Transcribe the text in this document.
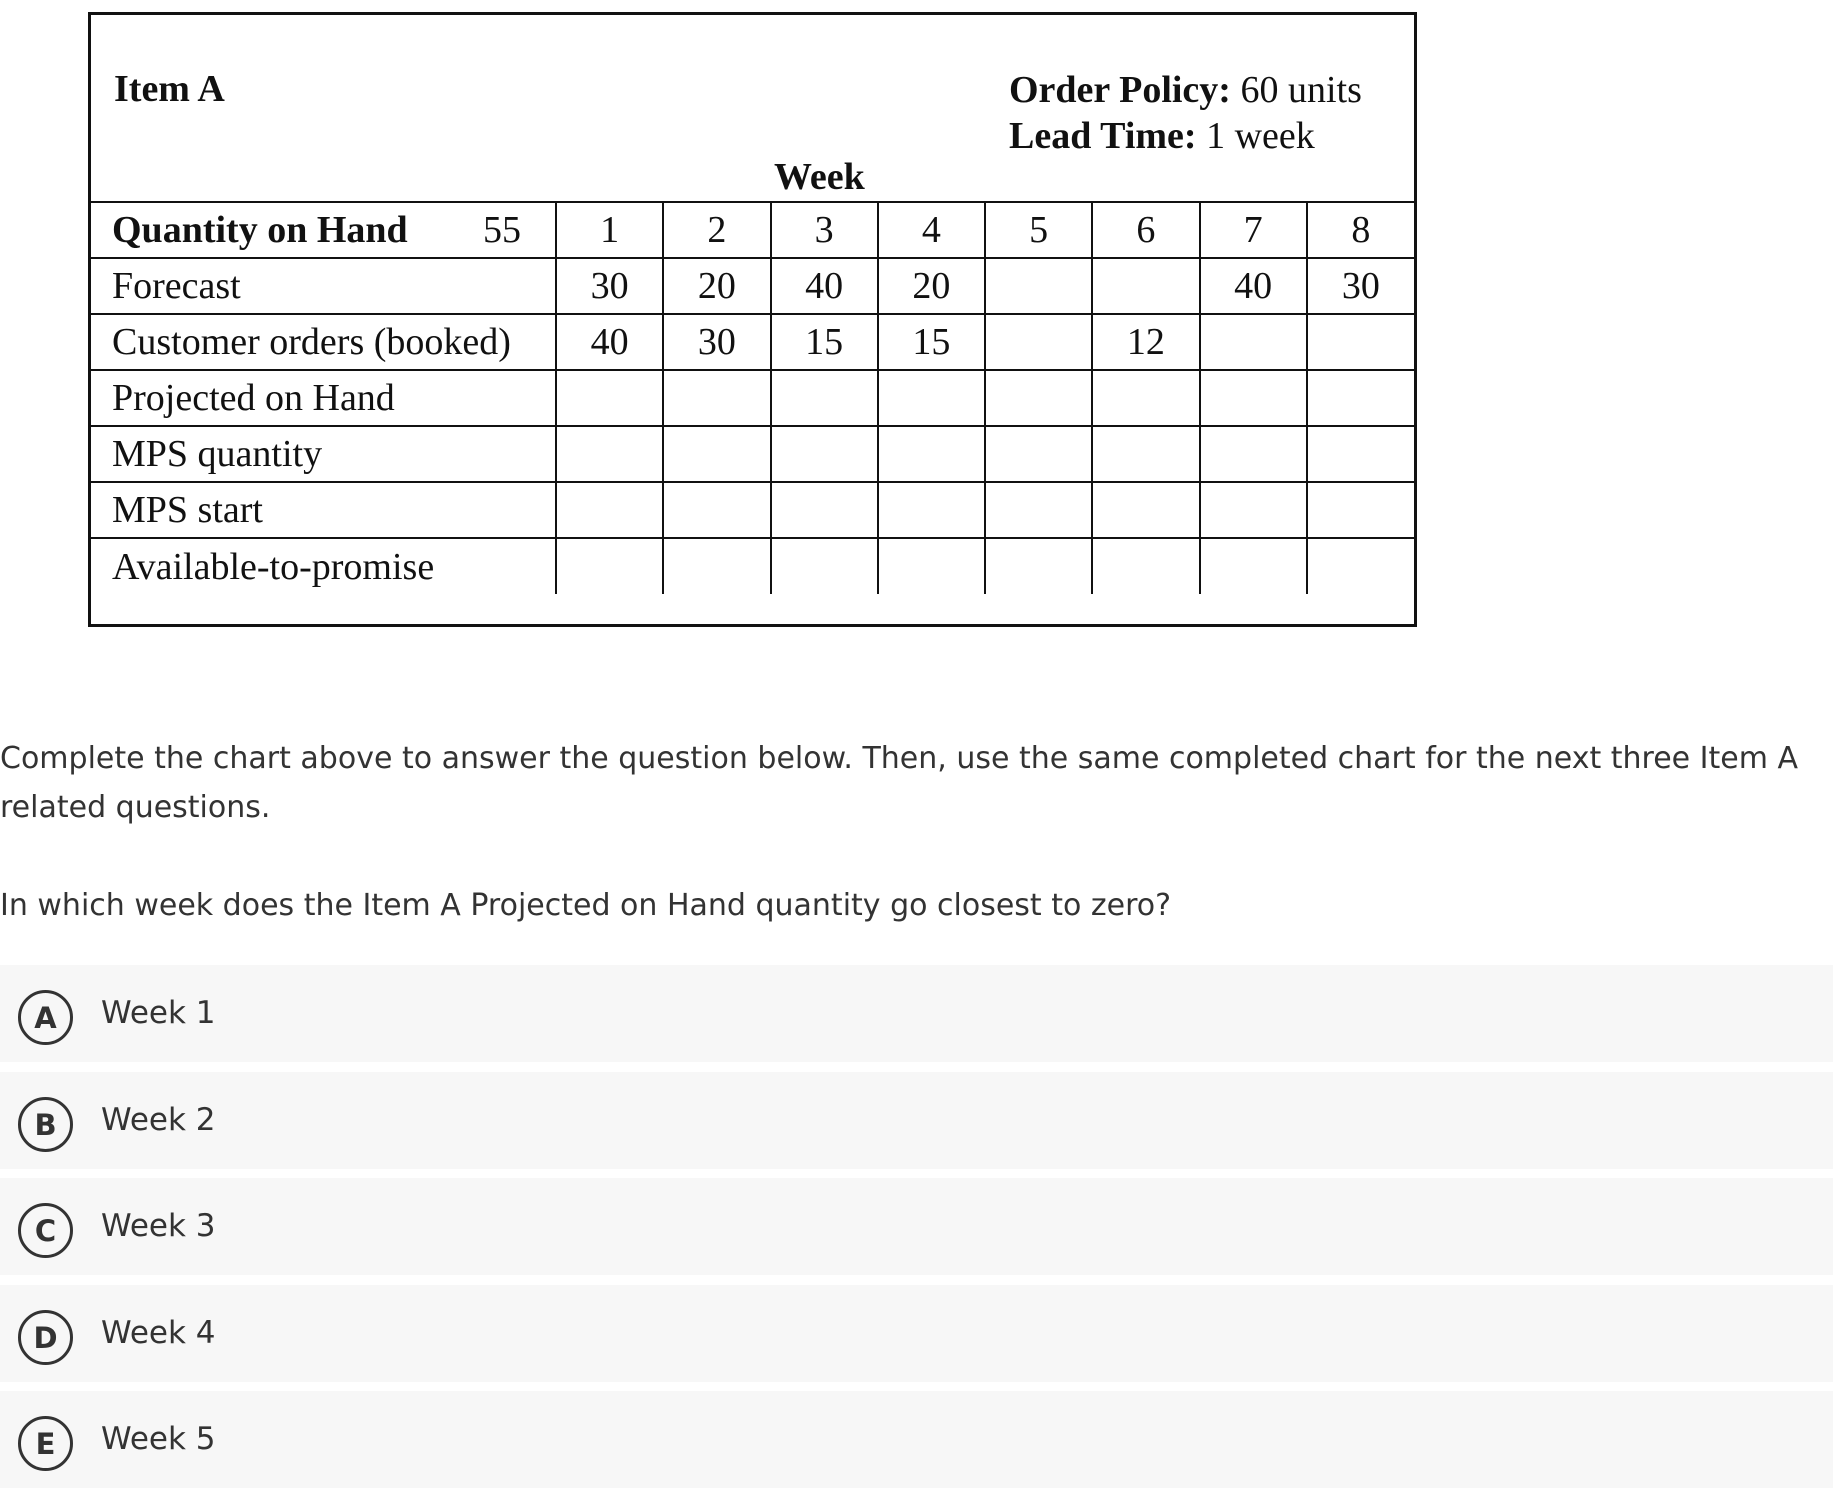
Item A	Order Policy: 60 units
Lead Time: 1 week
Week
Quantity on Hand 55	1	2	3	4	5	6	7	8
Forecast	30	20	40	20			40	30
Customer orders (booked)	40	30	15	15		12		
Projected on Hand								
MPS quantity								
MPS start								
Available-to-promise								
Complete the chart above to answer the question below. Then, use the same completed chart for the next three Item A related questions.
In which week does the Item A Projected on Hand quantity go closest to zero?
A	Week 1
B	Week 2
C	Week 3
D	Week 4
E	Week 5
